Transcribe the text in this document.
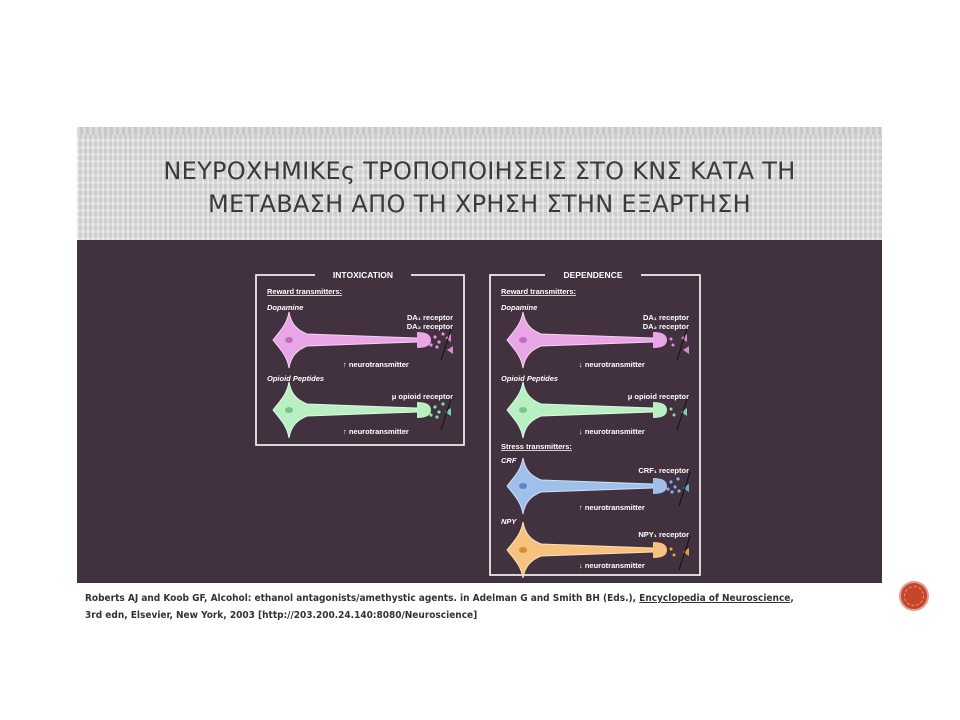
ΝΕΥΡΟΧΗΜΙΚΕς ΤΡΟΠΟΠΟΙΗΣΕΙΣ ΣΤΟ ΚΝΣ ΚΑΤΑ ΤΗ
ΜΕΤΑΒΑΣΗ ΑΠΟ ΤΗ ΧΡΗΣΗ ΣΤΗΝ ΕΞΑΡΤΗΣΗ
INTOXICATION
Reward transmitters:
Dopamine
DA₁ receptor
DA₂ receptor
↑ neurotransmitter
Opioid Peptides
μ opioid receptor
↑ neurotransmitter
DEPENDENCE
Reward transmitters:
Dopamine
DA₁ receptor
DA₂ receptor
↓ neurotransmitter
Opioid Peptides
μ opioid receptor
↓ neurotransmitter
Stress transmitters:
CRF
CRF₁ receptor
↑ neurotransmitter
NPY
NPY₁ receptor
↓ neurotransmitter
Roberts AJ and Koob GF, Alcohol: ethanol antagonists/amethystic agents. in Adelman G and Smith BH (Eds.), Encyclopedia of Neuroscience,
3rd edn, Elsevier, New York, 2003 [http://203.200.24.140:8080/Neuroscience]
